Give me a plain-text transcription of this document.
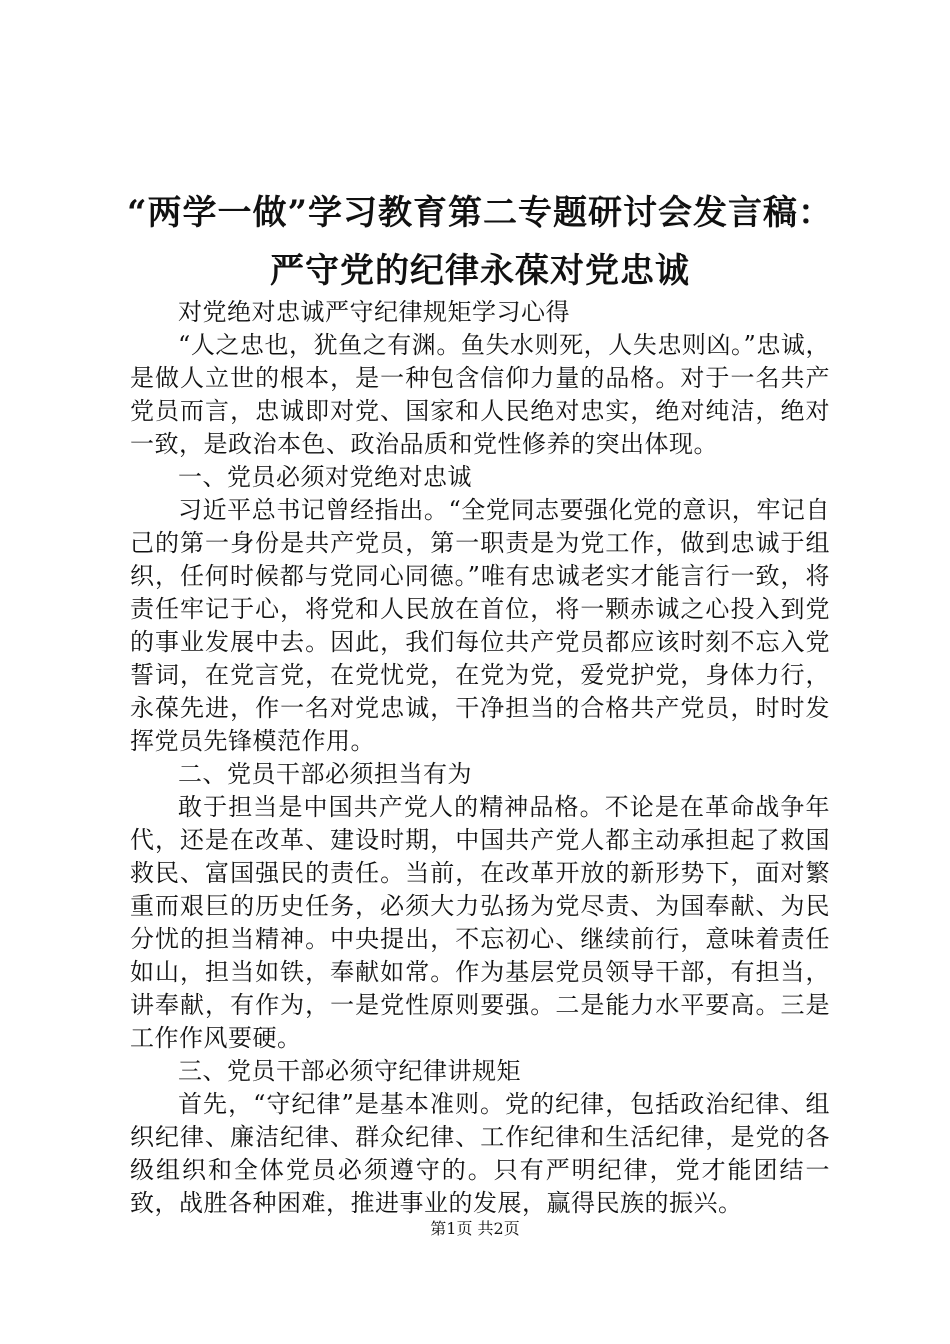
“两学一做”学习教育第二专题研讨会发言稿：
严守党的纪律永葆对党忠诚

对党绝对忠诚严守纪律规矩学习心得

“人之忠也，犹鱼之有渊。鱼失水则死，人失忠则凶。”忠诚，是做人立世的根本，是一种包含信仰力量的品格。对于一名共产党员而言，忠诚即对党、国家和人民绝对忠实，绝对纯洁，绝对一致，是政治本色、政治品质和党性修养的突出体现。

一、党员必须对党绝对忠诚

习近平总书记曾经指出。“全党同志要强化党的意识，牢记自己的第一身份是共产党员，第一职责是为党工作，做到忠诚于组织，任何时候都与党同心同德。”唯有忠诚老实才能言行一致，将责任牢记于心，将党和人民放在首位，将一颗赤诚之心投入到党的事业发展中去。因此，我们每位共产党员都应该时刻不忘入党誓词，在党言党，在党忧党，在党为党，爱党护党，身体力行，永葆先进，作一名对党忠诚，干净担当的合格共产党员，时时发挥党员先锋模范作用。

二、党员干部必须担当有为

敢于担当是中国共产党人的精神品格。不论是在革命战争年代，还是在改革、建设时期，中国共产党人都主动承担起了救国救民、富国强民的责任。当前，在改革开放的新形势下，面对繁重而艰巨的历史任务，必须大力弘扬为党尽责、为国奉献、为民分忧的担当精神。中央提出，不忘初心、继续前行，意味着责任如山，担当如铁，奉献如常。作为基层党员领导干部，有担当，讲奉献，有作为，一是党性原则要强。二是能力水平要高。三是工作作风要硬。

三、党员干部必须守纪律讲规矩

首先，“守纪律”是基本准则。党的纪律，包括政治纪律、组织纪律、廉洁纪律、群众纪律、工作纪律和生活纪律，是党的各级组织和全体党员必须遵守的。只有严明纪律，党才能团结一致，战胜各种困难，推进事业的发展，赢得民族的振兴。

第1页 共2页
